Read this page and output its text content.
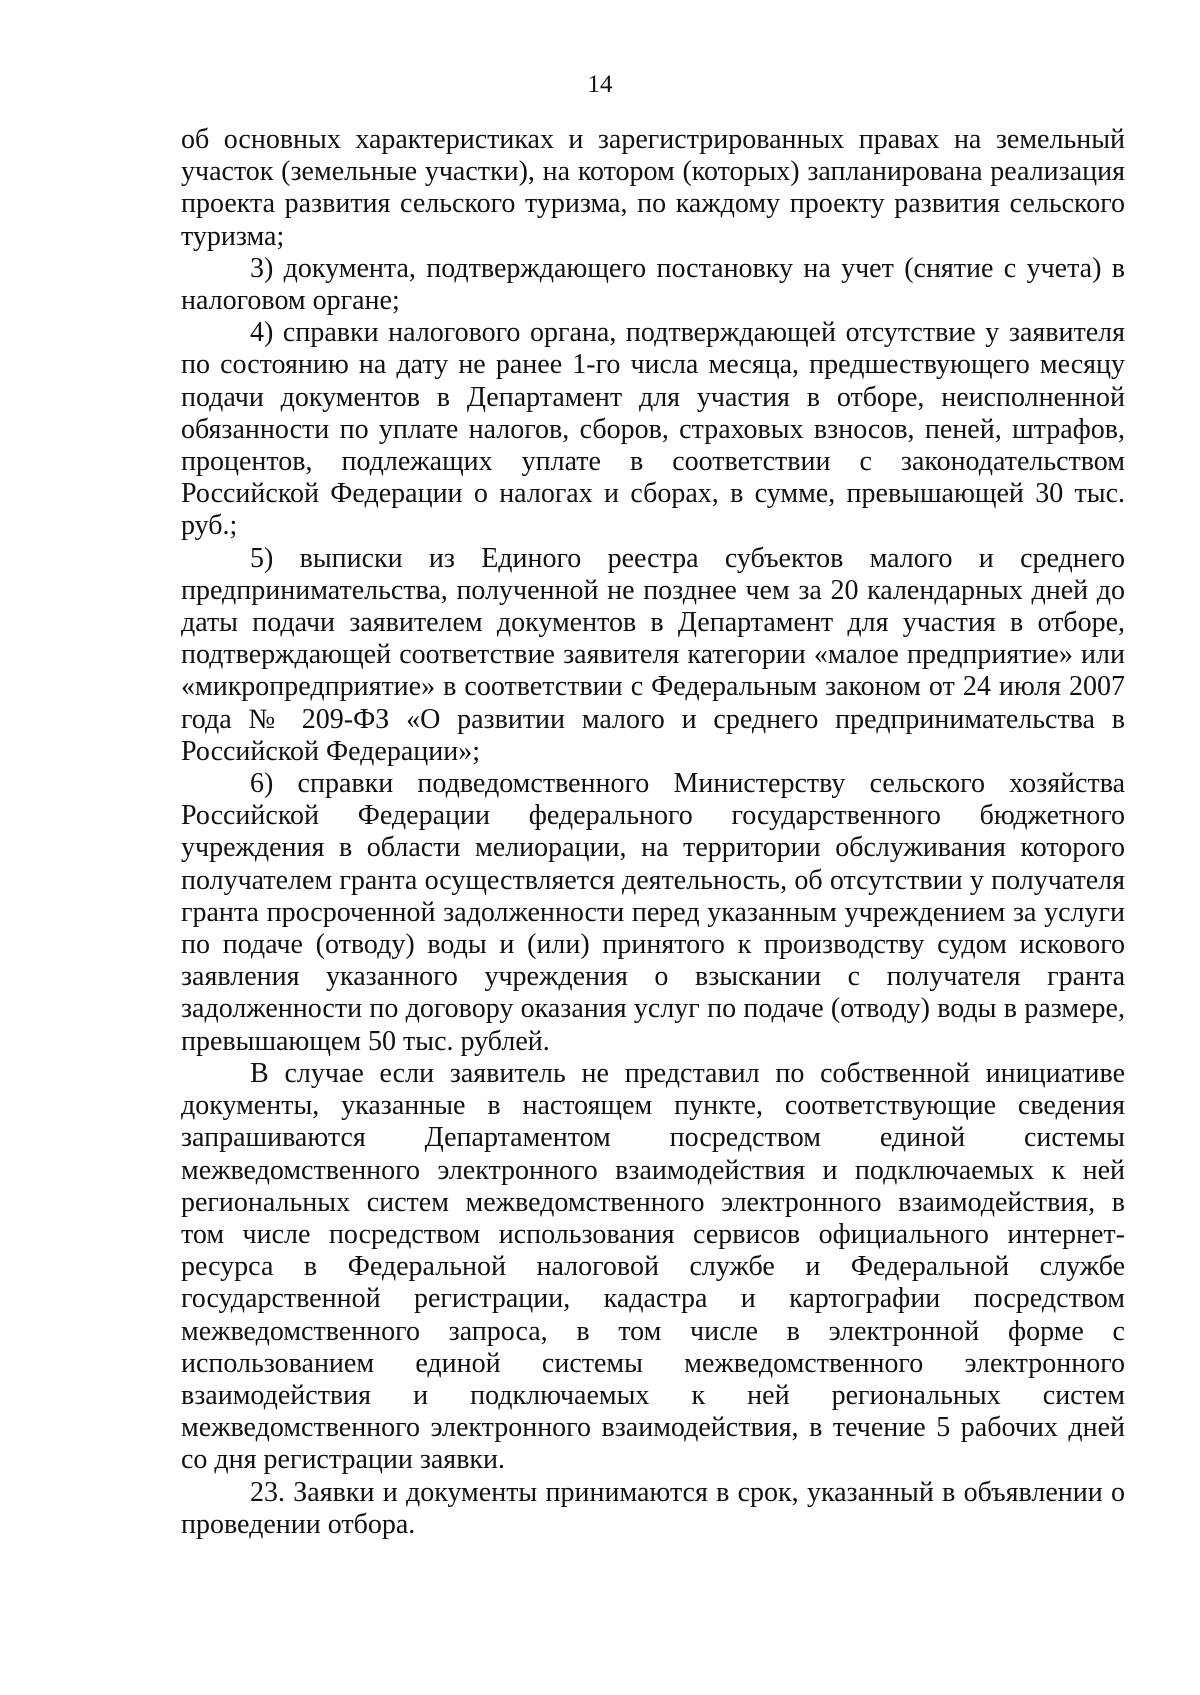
14

об основных характеристиках и зарегистрированных правах на земельный участок (земельные участки), на котором (которых) запланирована реализация проекта развития сельского туризма, по каждому проекту развития сельского туризма;

3) документа, подтверждающего постановку на учет (снятие с учета) в налоговом органе;

4) справки налогового органа, подтверждающей отсутствие у заявителя по состоянию на дату не ранее 1-го числа месяца, предшествующего месяцу подачи документов в Департамент для участия в отборе, неисполненной обязанности по уплате налогов, сборов, страховых взносов, пеней, штрафов, процентов, подлежащих уплате в соответствии с законодательством Российской Федерации о налогах и сборах, в сумме, превышающей 30 тыс. руб.;

5) выписки из Единого реестра субъектов малого и среднего предпринимательства, полученной не позднее чем за 20 календарных дней до даты подачи заявителем документов в Департамент для участия в отборе, подтверждающей соответствие заявителя категории «малое предприятие» или «микропредприятие» в соответствии с Федеральным законом от 24 июля 2007 года № 209-ФЗ «О развитии малого и среднего предпринимательства в Российской Федерации»;

6) справки подведомственного Министерству сельского хозяйства Российской Федерации федерального государственного бюджетного учреждения в области мелиорации, на территории обслуживания которого получателем гранта осуществляется деятельность, об отсутствии у получателя гранта просроченной задолженности перед указанным учреждением за услуги по подаче (отводу) воды и (или) принятого к производству судом искового заявления указанного учреждения о взыскании с получателя гранта задолженности по договору оказания услуг по подаче (отводу) воды в размере, превышающем 50 тыс. рублей.

В случае если заявитель не представил по собственной инициативе документы, указанные в настоящем пункте, соответствующие сведения запрашиваются Департаментом посредством единой системы межведомственного электронного взаимодействия и подключаемых к ней региональных систем межведомственного электронного взаимодействия, в том числе посредством использования сервисов официального интернет-ресурса в Федеральной налоговой службе и Федеральной службе государственной регистрации, кадастра и картографии посредством межведомственного запроса, в том числе в электронной форме с использованием единой системы межведомственного электронного взаимодействия и подключаемых к ней региональных систем межведомственного электронного взаимодействия, в течение 5 рабочих дней со дня регистрации заявки.

23. Заявки и документы принимаются в срок, указанный в объявлении о проведении отбора.
